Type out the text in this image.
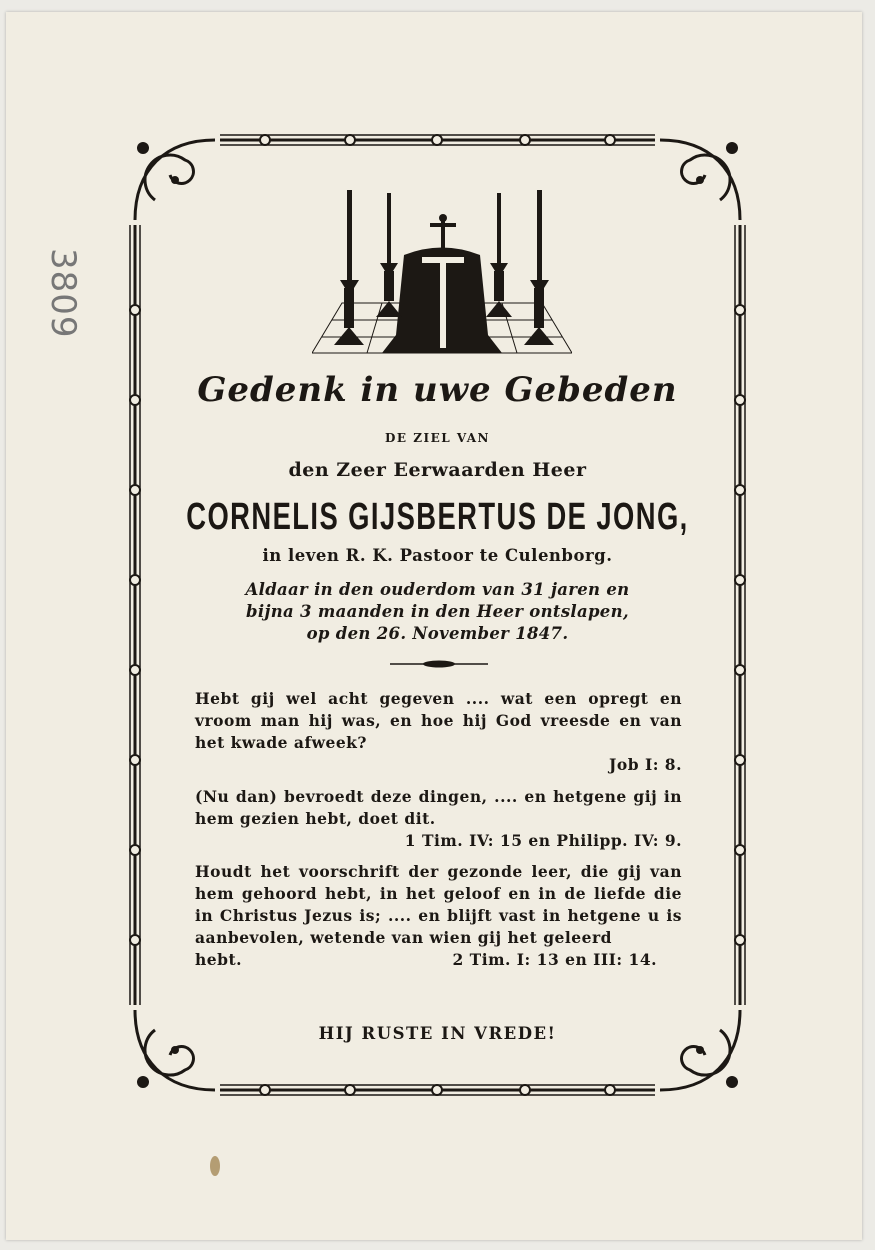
3809
Gedenk in uwe Gebeden
DE ZIEL VAN
den Zeer Eerwaarden Heer
CORNELIS GIJSBERTUS DE JONG,
in leven R. K. Pastoor te Culenborg.
Aldaar in den ouderdom van 31 jaren en
bijna 3 maanden in den Heer ontslapen,
op den 26. November 1847.
Hebt gij wel acht gegeven .... wat een opregt en vroom man hij was, en hoe hij God vreesde en van het kwade afweek?
Job I: 8.
(Nu dan) bevroedt deze dingen, .... en hetgene gij in hem gezien hebt, doet dit.
1 Tim. IV: 15 en Philipp. IV: 9.
Houdt het voorschrift der gezonde leer, die gij van hem gehoord hebt, in het geloof en in de liefde die in Christus Jezus is; .... en blijft vast in hetgene u is aanbevolen, wetende van wien gij het geleerd
hebt.	2 Tim. I: 13 en III: 14.
HIJ RUSTE IN VREDE!
